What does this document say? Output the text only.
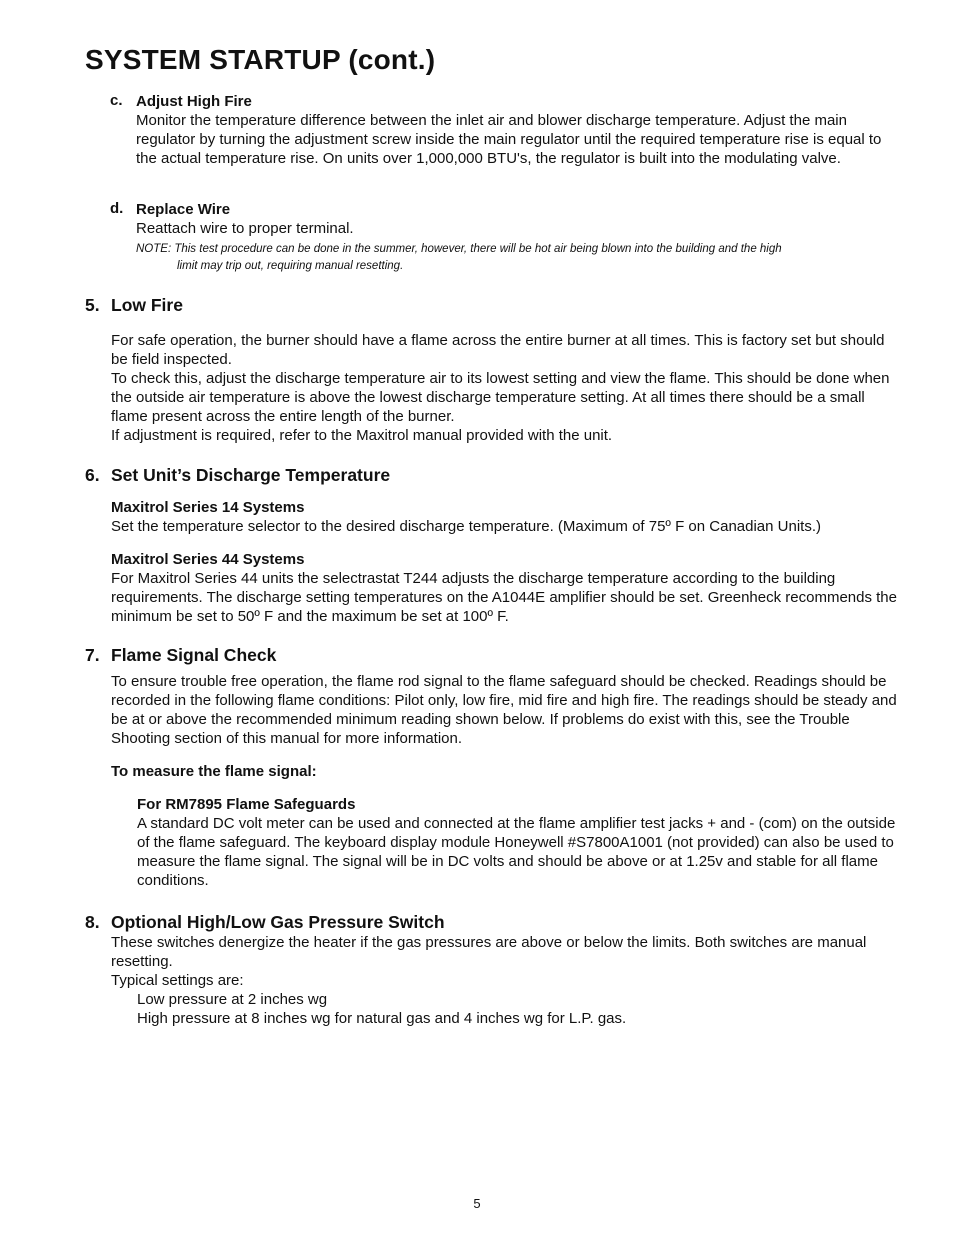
SYSTEM STARTUP (cont.)
c. Adjust High Fire
Monitor the temperature difference between the inlet air and blower discharge temperature. Adjust the main regulator by turning the adjustment screw inside the main regulator until the required temperature rise is equal to the actual temperature rise. On units over 1,000,000 BTU's, the regulator is built into the modulating valve.
d. Replace Wire
Reattach wire to proper terminal.
NOTE: This test procedure can be done in the summer, however, there will be hot air being blown into the building and the high limit may trip out, requiring manual resetting.
5. Low Fire

For safe operation, the burner should have a flame across the entire burner at all times. This is factory set but should be field inspected.

To check this, adjust the discharge temperature air to its lowest setting and view the flame. This should be done when the outside air temperature is above the lowest discharge temperature setting. At all times there should be a small flame present across the entire length of the burner.

If adjustment is required, refer to the Maxitrol manual provided with the unit.

6. Set Unit’s Discharge Temperature
Maxitrol Series 14 Systems

Set the temperature selector to the desired discharge temperature. (Maximum of 75º F on Canadian Units.)

Maxitrol Series 44 Systems

For Maxitrol Series 44 units the selectrastat T244 adjusts the discharge temperature according to the building requirements. The discharge setting temperatures on the A1044E amplifier should be set. Greenheck recommends the minimum be set to 50º F and the maximum be set at 100º F.

7. Flame Signal Check

To ensure trouble free operation, the flame rod signal to the flame safeguard should be checked. Readings should be recorded in the following flame conditions: Pilot only, low fire, mid fire and high fire. The readings should be steady and be at or above the recommended minimum reading shown below. If problems do exist with this, see the Trouble Shooting section of this manual for more information.

To measure the flame signal:
For RM7895 Flame Safeguards

A standard DC volt meter can be used and connected at the flame amplifier test jacks + and - (com) on the outside of the flame safeguard. The keyboard display module Honeywell #S7800A1001 (not provided) can also be used to measure the flame signal. The signal will be in DC volts and should be above or at 1.25v and stable for all flame conditions.

8. Optional High/Low Gas Pressure Switch

These switches denergize the heater if the gas pressures are above or below the limits. Both switches are manual resetting.

Typical settings are:

Low pressure at 2 inches wg

High pressure at 8 inches wg for natural gas and 4 inches wg for L.P. gas.

5
